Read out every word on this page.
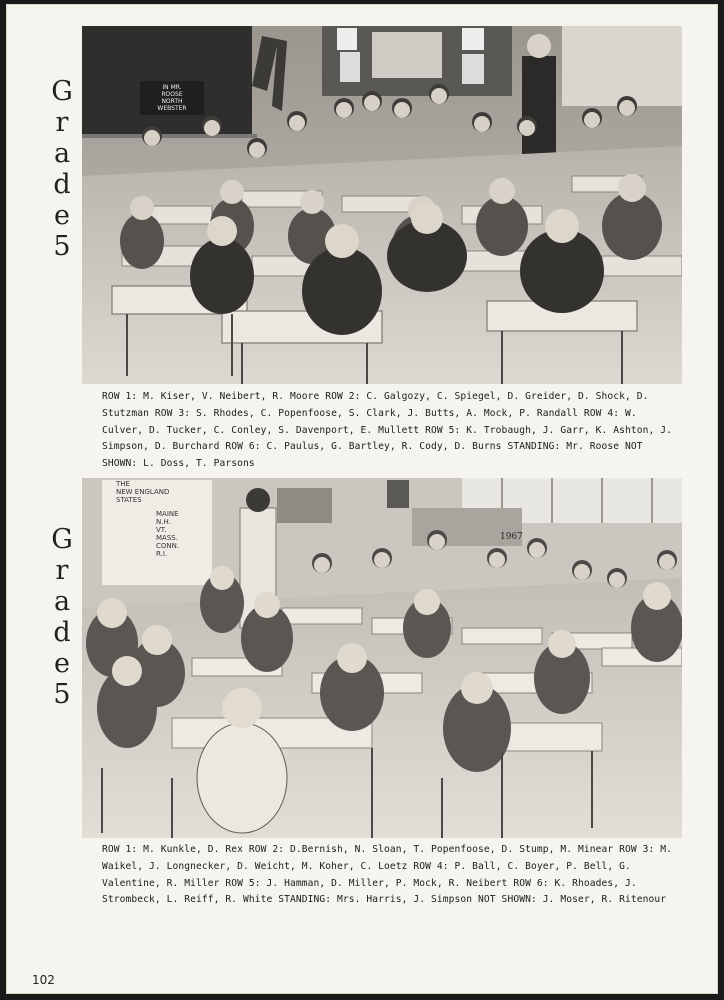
G
r
a
d
e
5
IN MR.
ROOSE
NORTH
WEBSTER
ROW 1: M. Kiser, V. Neibert, R. Moore ROW 2: C. Galgozy, C. Spiegel, D. Greider, D. Shock, D. Stutzman ROW 3: S. Rhodes, C. Popenfoose, S. Clark, J. Butts, A. Mock, P. Randall ROW 4: W. Culver, D. Tucker, C. Conley, S. Davenport, E. Mullett ROW 5: K. Trobaugh, J. Garr, K. Ashton, J. Simpson, D. Burchard ROW 6: C. Paulus, G. Bartley, R. Cody, D. Burns STANDING: Mr. Roose NOT SHOWN: L. Doss, T. Parsons
G
r
a
d
e
5
THE
NEW ENGLAND
STATES
MAINE
N.H.
VT.
MASS.
CONN.
R.I.
1967
ROW 1: M. Kunkle, D. Rex ROW 2: D.Bernish, N. Sloan, T. Popenfoose, D. Stump, M. Minear ROW 3: M. Waikel, J. Longnecker, D. Weicht, M. Koher, C. Loetz ROW 4: P. Ball, C. Boyer, P. Bell, G. Valentine, R. Miller ROW 5: J. Hamman, D. Miller, P. Mock, R. Neibert ROW 6: K. Rhoades, J. Strombeck, L. Reiff, R. White STANDING: Mrs. Harris, J. Simpson NOT SHOWN: J. Moser, R. Ritenour
102
